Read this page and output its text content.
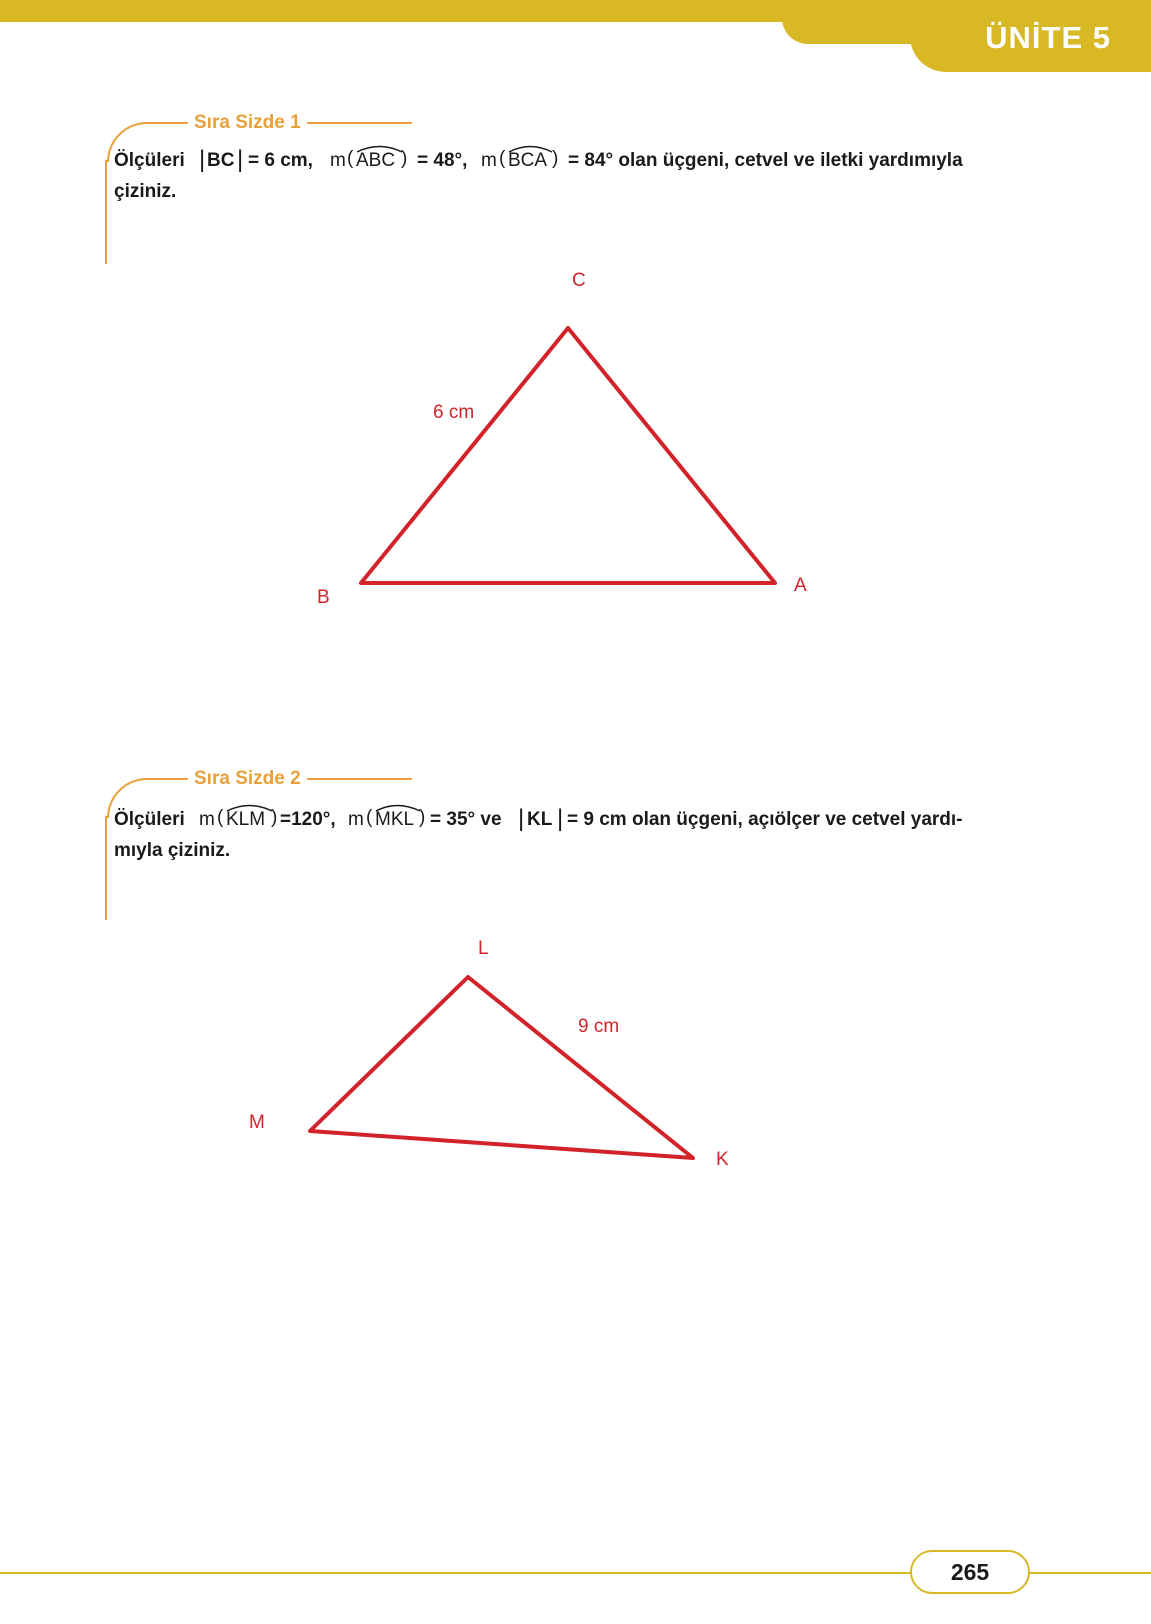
ÜNİTE 5
Sıra Sizde 1
Ölçüleri | BC | = 6 cm, m ( ABC ) = 48°, m ( BCA ) = 84° olan üçgeni, cetvel ve iletki yardımıyla
çiziniz.
Sıra Sizde 2
Ölçüleri m ( KLM ) =120°, m ( MKL ) = 35° ve | KL | = 9 cm olan üçgeni, açıölçer ve cetvel yardı-
mıyla çiziniz.
C
B
A
6 cm
L
M
K
9 cm
265
